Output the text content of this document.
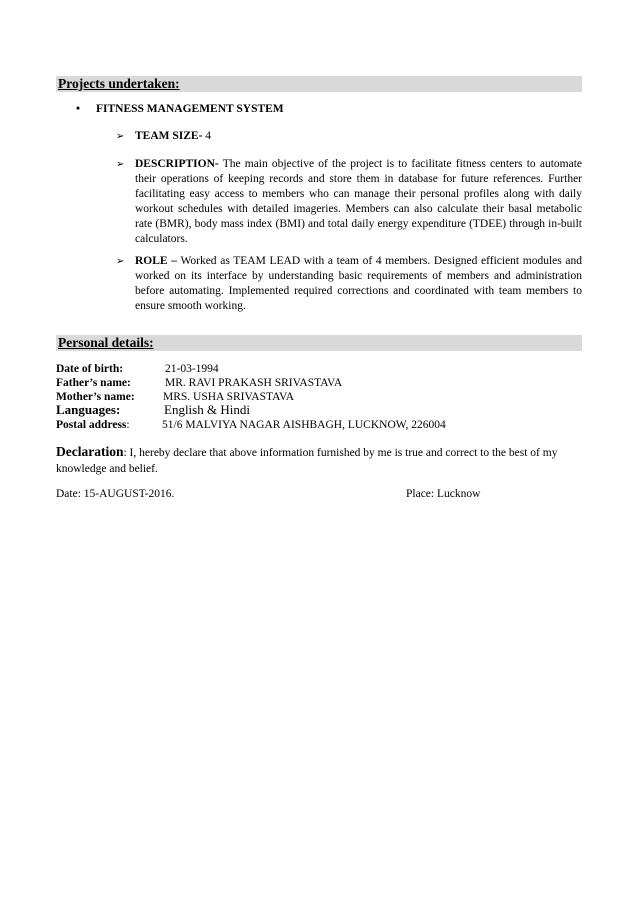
Projects undertaken:
• FITNESS MANAGEMENT SYSTEM
➢ TEAM SIZE- 4
➢ DESCRIPTION- The main objective of the project is to facilitate fitness centers to automate their operations of keeping records and store them in database for future references. Further facilitating easy access to members who can manage their personal profiles along with daily workout schedules with detailed imageries. Members can also calculate their basal metabolic rate (BMR), body mass index (BMI) and total daily energy expenditure (TDEE) through in-built calculators.
➢ ROLE – Worked as TEAM LEAD with a team of 4 members. Designed efficient modules and worked on its interface by understanding basic requirements of members and administration before automating. Implemented required corrections and coordinated with team members to ensure smooth working.
Personal details:
Date of birth:	21-03-1994
Father’s name:	MR. RAVI PRAKASH SRIVASTAVA
Mother’s name: MRS. USHA SRIVASTAVA
Languages:	English & Hindi
Postal address:	51/6 MALVIYA NAGAR AISHBAGH, LUCKNOW, 226004
Declaration: I, hereby declare that above information furnished by me is true and correct to the best of my knowledge and belief.
Date: 15-AUGUST-2016.	Place: Lucknow
